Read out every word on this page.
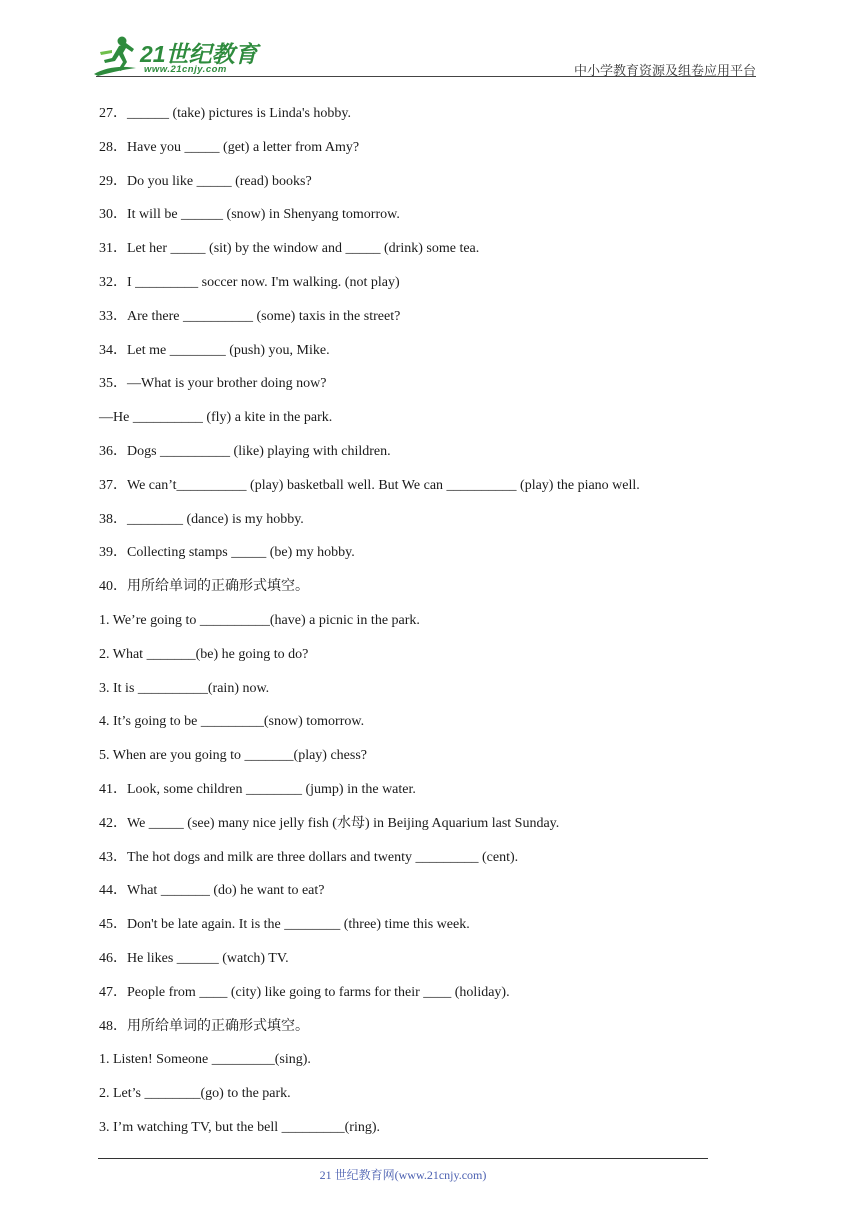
21世纪教育
www.21cnjy.com	中小学教育资源及组卷应用平台
27．______ (take) pictures is Linda's hobby.
28．Have you _____ (get) a letter from Amy?
29．Do you like _____ (read) books?
30．It will be ______ (snow) in Shenyang tomorrow.
31．Let her _____ (sit) by the window and _____ (drink) some tea.
32．I _________ soccer now. I'm walking. (not play)
33．Are there __________ (some) taxis in the street?
34．Let me ________ (push) you, Mike.
35．—What is your brother doing now?
—He __________ (fly) a kite in the park.
36．Dogs __________ (like) playing with children.
37．We can’t__________ (play) basketball well. But We can __________ (play) the piano well.
38．________ (dance) is my hobby.
39．Collecting stamps _____ (be) my hobby.
40．用所给单词的正确形式填空。
1. We’re going to __________(have) a picnic in the park.
2. What _______(be) he going to do?
3. It is __________(rain) now.
4. It’s going to be _________(snow) tomorrow.
5. When are you going to _______(play) chess?
41．Look, some children ________ (jump) in the water.
42．We _____ (see) many nice jelly fish (水母) in Beijing Aquarium last Sunday.
43．The hot dogs and milk are three dollars and twenty _________ (cent).
44．What _______ (do) he want to eat?
45．Don't be late again. It is the ________ (three) time this week.
46．He likes ______ (watch) TV.
47．People from ____ (city) like going to farms for their ____ (holiday).
48．用所给单词的正确形式填空。
1. Listen! Someone _________(sing).
2. Let’s ________(go) to the park.
3. I’m watching TV, but the bell _________(ring).
21 世纪教育网(www.21cnjy.com)
